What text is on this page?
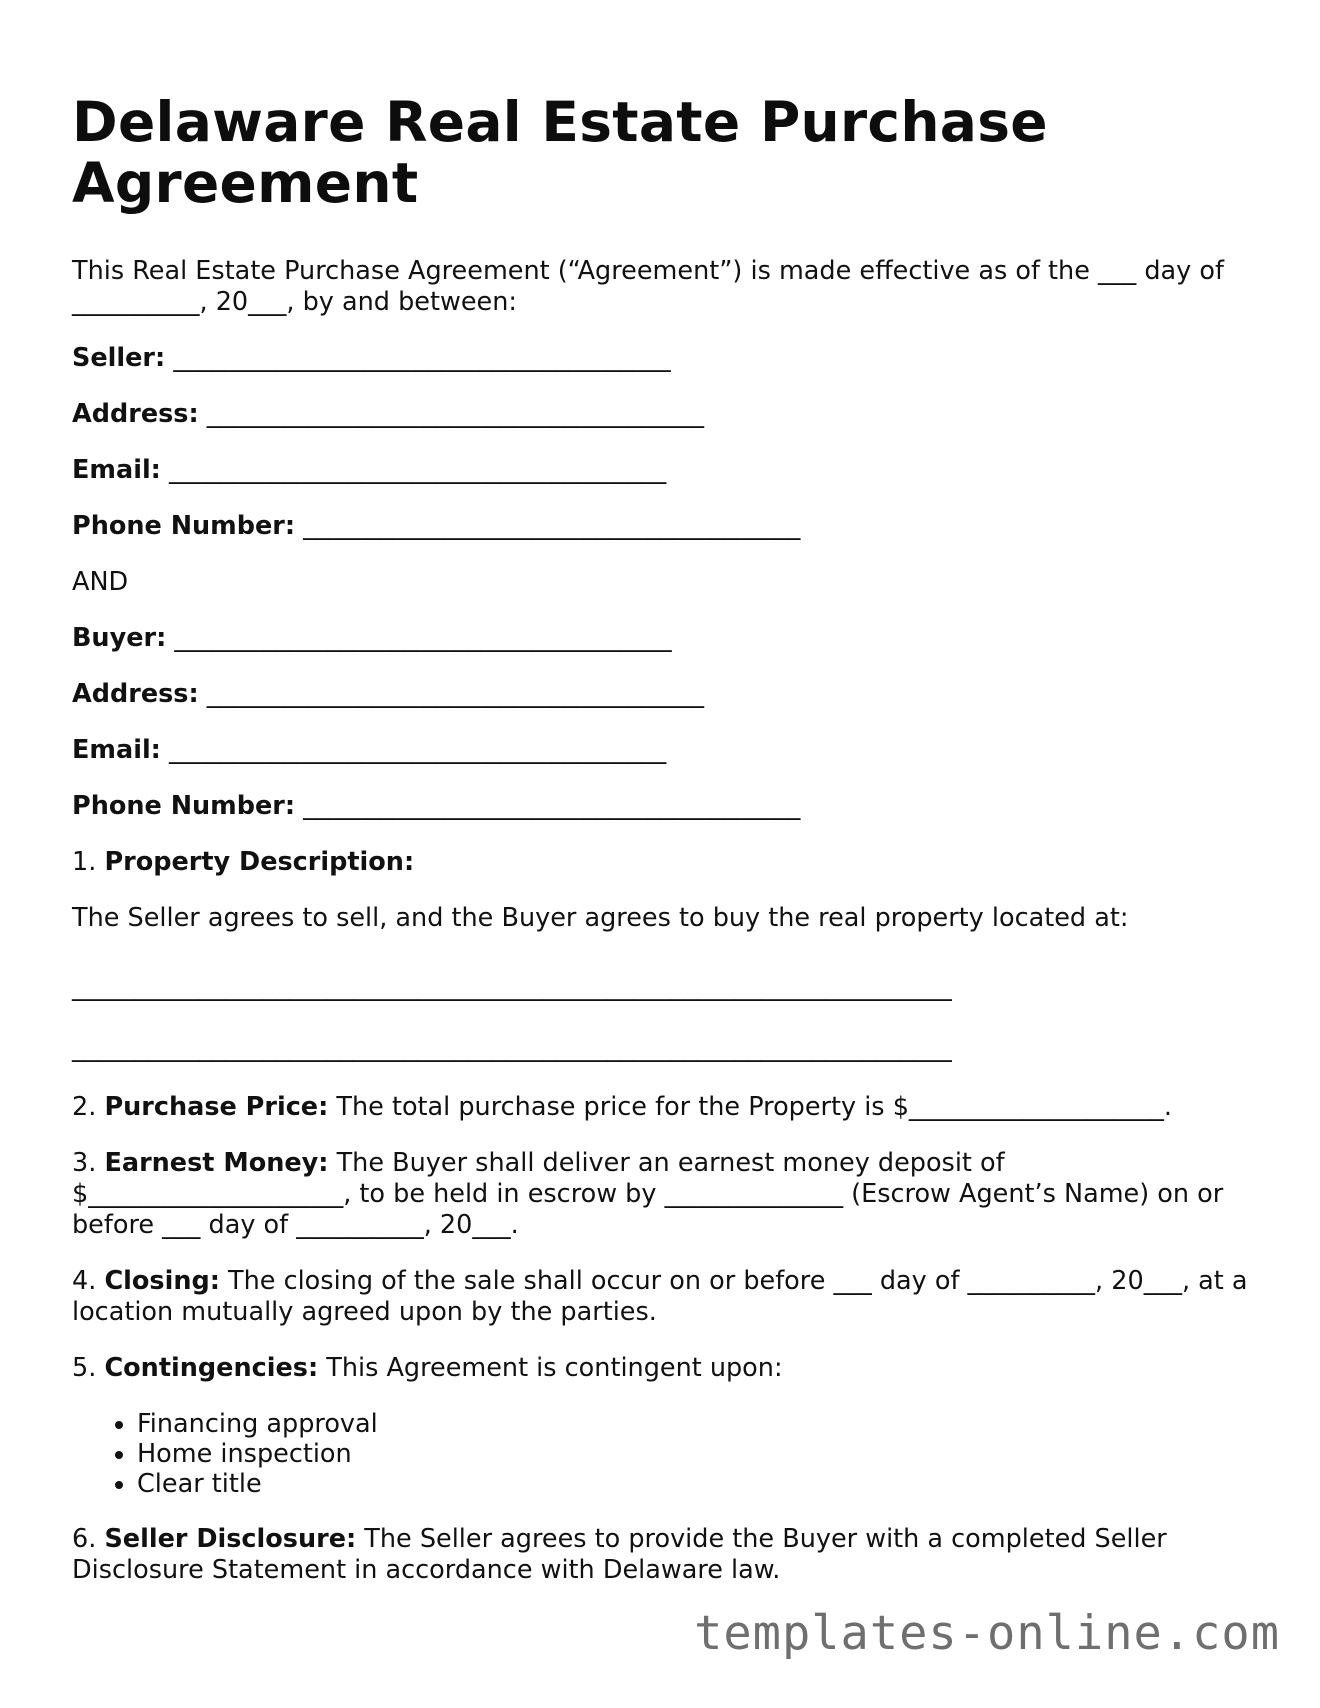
Delaware Real Estate Purchase Agreement

This Real Estate Purchase Agreement (“Agreement”) is made effective as of the ___ day of __________, 20___, by and between:

Seller: _______________________________________
Address: _______________________________________
Email: _______________________________________
Phone Number: _______________________________________
AND
Buyer: _______________________________________
Address: _______________________________________
Email: _______________________________________
Phone Number: _______________________________________
1. Property Description:
The Seller agrees to sell, and the Buyer agrees to buy the real property located at:
_____________________________________________________________________
_____________________________________________________________________
2. Purchase Price: The total purchase price for the Property is $____________________.
3. Earnest Money: The Buyer shall deliver an earnest money deposit of $____________________, to be held in escrow by ______________ (Escrow Agent’s Name) on or before ___ day of __________, 20___.
4. Closing: The closing of the sale shall occur on or before ___ day of __________, 20___, at a location mutually agreed upon by the parties.
5. Contingencies: This Agreement is contingent upon:
• Financing approval
• Home inspection
• Clear title
6. Seller Disclosure: The Seller agrees to provide the Buyer with a completed Seller Disclosure Statement in accordance with Delaware law.
templates-online.com
